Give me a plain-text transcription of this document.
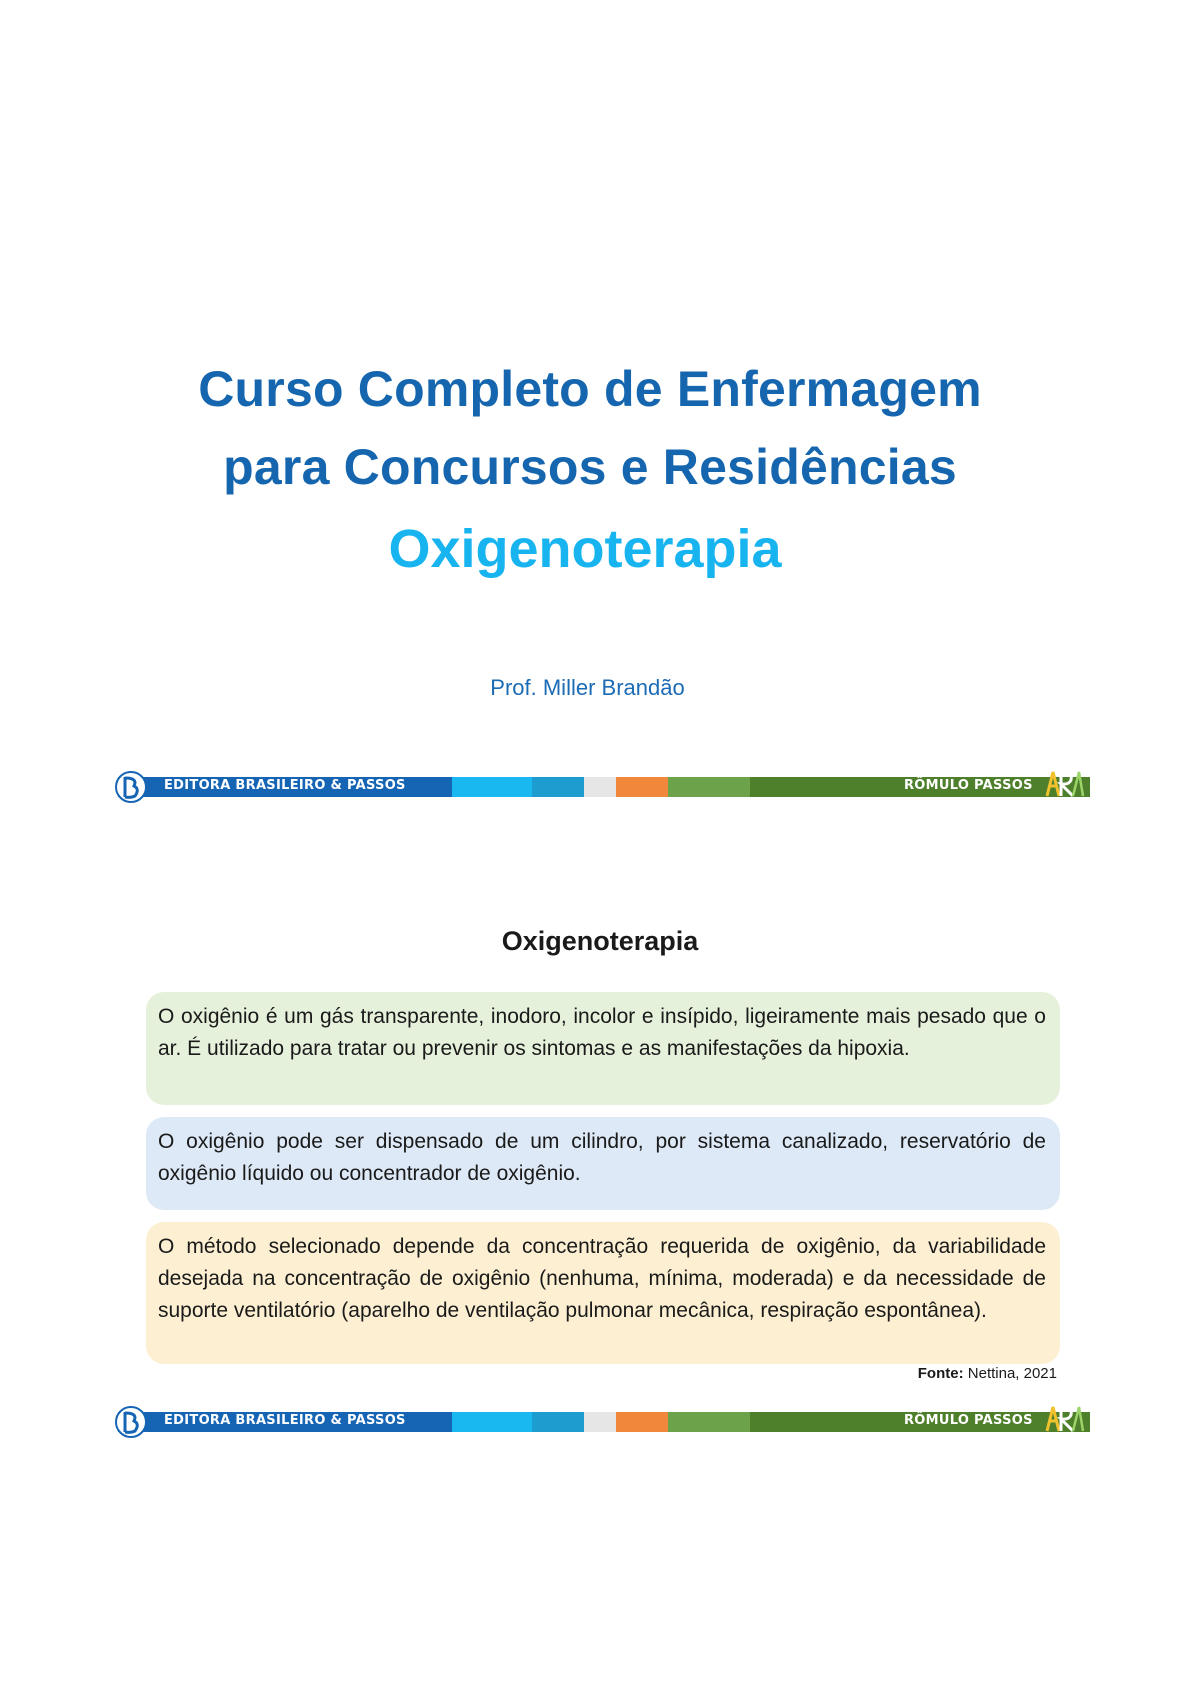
Curso Completo de Enfermagem
para Concursos e Residências
Oxigenoterapia
Prof. Miller Brandão
EDITORA BRASILEIRO & PASSOS	RÔMULO PASSOS
Oxigenoterapia
O oxigênio é um gás transparente, inodoro, incolor e insípido, ligeiramente mais pesado que o ar. É utilizado para tratar ou prevenir os sintomas e as manifestações da hipoxia.
O oxigênio pode ser dispensado de um cilindro, por sistema canalizado, reservatório de oxigênio líquido ou concentrador de oxigênio.
O método selecionado depende da concentração requerida de oxigênio, da variabilidade desejada na concentração de oxigênio (nenhuma, mínima, moderada) e da necessidade de suporte ventilatório (aparelho de ventilação pulmonar mecânica, respiração espontânea).
Fonte: Nettina, 2021
EDITORA BRASILEIRO & PASSOS	RÔMULO PASSOS
